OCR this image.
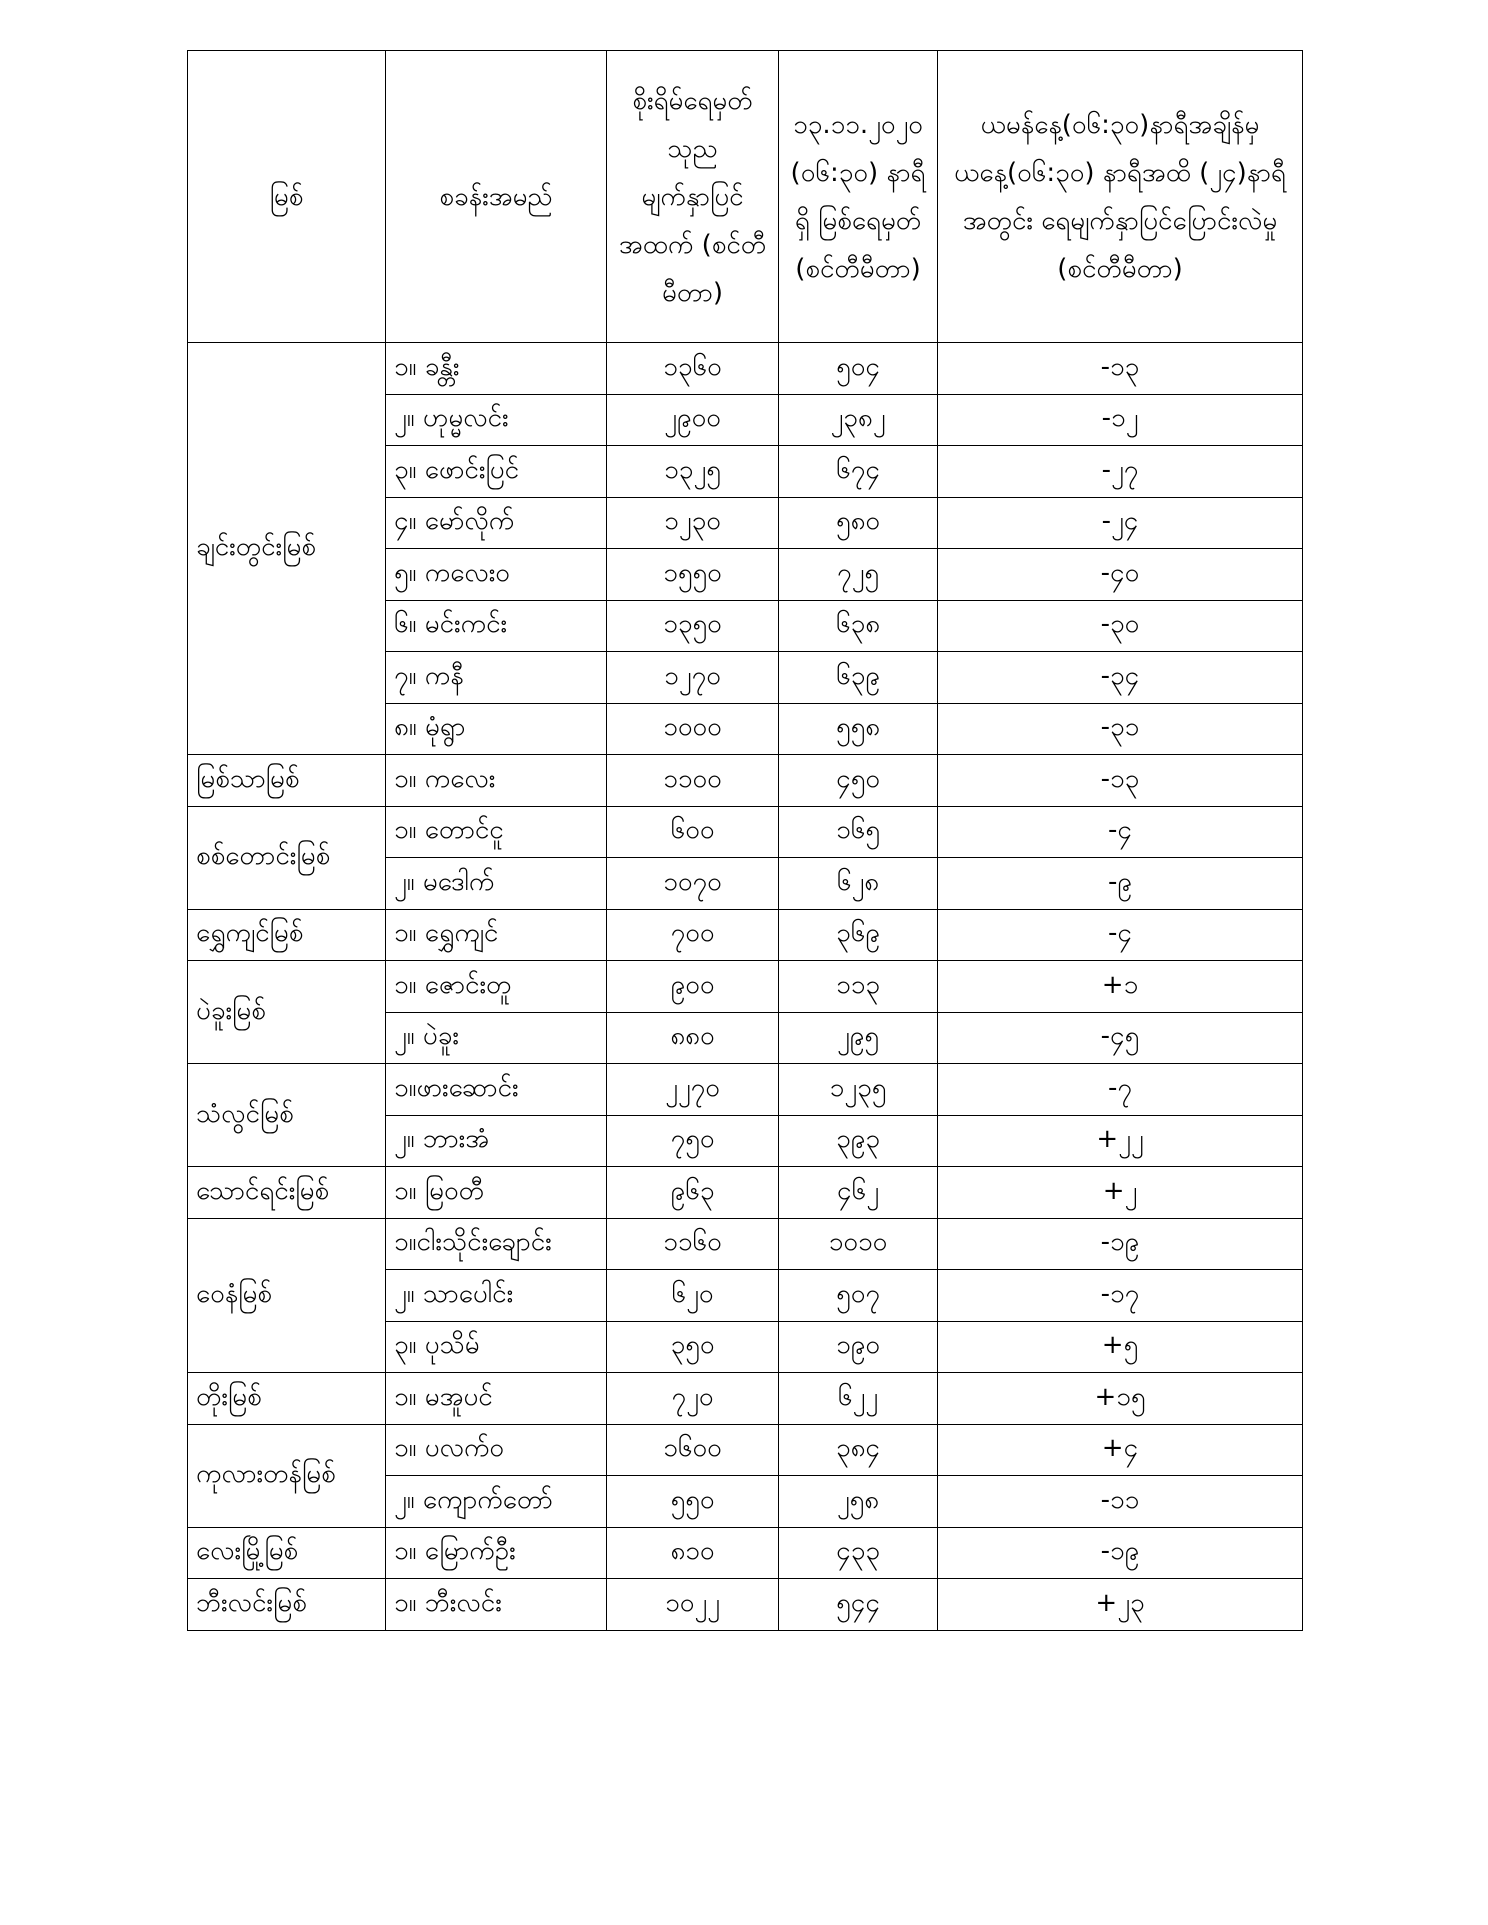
မြစ်	စခန်းအမည်	စိုးရိမ်ရေမှတ် သုည မျက်နှာပြင် အထက် (စင်တီမီတာ)	၁၃.၁၁.၂၀၂၀ (၀၆:၃၀) နာရီရှိ မြစ်ရေမှတ် (စင်တီမီတာ)	ယမန်နေ့(၀၆:၃၀)နာရီအချိန်မှ ယနေ့(၀၆:၃၀) နာရီအထိ (၂၄)နာရီအတွင်း ရေမျက်နှာပြင်ပြောင်းလဲမှု (စင်တီမီတာ)
ချင်းတွင်းမြစ်	၁။ ခန္တီး	၁၃၆၀	၅၀၄	-၁၃
	၂။ ဟုမ္မလင်း	၂၉၀၀	၂၃၈၂	-၁၂
	၃။ ဖောင်းပြင်	၁၃၂၅	၆၇၄	-၂၇
	၄။ မော်လိုက်	၁၂၃၀	၅၈၀	-၂၄
	၅။ ကလေးဝ	၁၅၅၀	၇၂၅	-၄၀
	၆။ မင်းကင်း	၁၃၅၀	၆၃၈	-၃၀
	၇။ ကနီ	၁၂၇၀	၆၃၉	-၃၄
	၈။ မုံရွာ	၁၀၀၀	၅၅၈	-၃၁
မြစ်သာမြစ်	၁။ ကလေး	၁၁၀၀	၄၅၀	-၁၃
စစ်တောင်းမြစ်	၁။ တောင်ငူ	၆၀၀	၁၆၅	-၄
	၂။ မဒေါက်	၁၀၇၀	၆၂၈	-၉
ရွှေကျင်မြစ်	၁။ ရွှေကျင်	၇၀၀	၃၆၉	-၄
ပဲခူးမြစ်	၁။ ဇောင်းတူ	၉၀၀	၁၁၃	+၁
	၂။ ပဲခူး	၈၈၀	၂၉၅	-၄၅
သံလွင်မြစ်	၁။ဖားဆောင်း	၂၂၇၀	၁၂၃၅	-၇
	၂။ ဘားအံ	၇၅၀	၃၉၃	+၂၂
သောင်ရင်းမြစ်	၁။ မြဝတီ	၉၆၃	၄၆၂	+၂
ဝေနံမြစ်	၁။ငါးသိုင်းချောင်း	၁၁၆၀	၁၀၁၀	-၁၉
	၂။ သာပေါင်း	၆၂၀	၅၀၇	-၁၇
	၃။ ပုသိမ်	၃၅၀	၁၉၀	+၅
တိုးမြစ်	၁။ မအူပင်	၇၂၀	၆၂၂	+၁၅
ကုလားတန်မြစ်	၁။ ပလက်ဝ	၁၆၀၀	၃၈၄	+၄
	၂။ ကျောက်တော်	၅၅၀	၂၅၈	-၁၁
လေးမြို့မြစ်	၁။ မြောက်ဦး	၈၁၀	၄၃၃	-၁၉
ဘီးလင်းမြစ်	၁။ ဘီးလင်း	၁၀၂၂	၅၄၄	+၂၃
